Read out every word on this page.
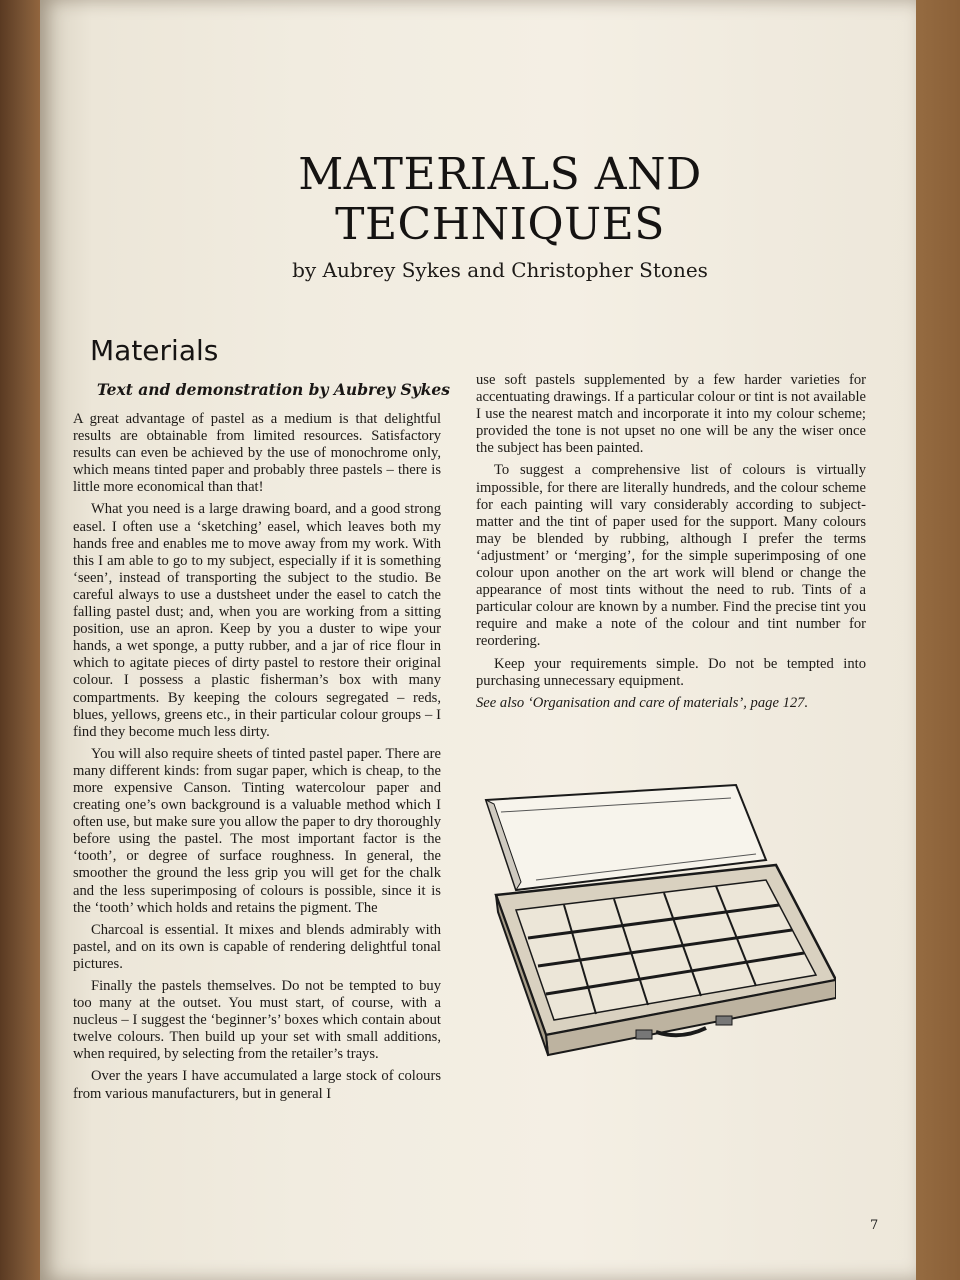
MATERIALS AND
TECHNIQUES
by Aubrey Sykes and Christopher Stones
Materials
Text and demonstration by Aubrey Sykes

A great advantage of pastel as a medium is that delightful results are obtainable from limited resources. Satisfactory results can even be achieved by the use of monochrome only, which means tinted paper and probably three pastels – there is little more economical than that!

What you need is a large drawing board, and a good strong easel. I often use a ‘sketching’ easel, which leaves both my hands free and enables me to move away from my work. With this I am able to go to my subject, especially if it is something ‘seen’, instead of transporting the subject to the studio. Be careful always to use a dustsheet under the easel to catch the falling pastel dust; and, when you are working from a sitting position, use an apron. Keep by you a duster to wipe your hands, a wet sponge, a putty rubber, and a jar of rice flour in which to agitate pieces of dirty pastel to restore their original colour. I possess a plastic fisherman’s box with many compartments. By keeping the colours segregated – reds, blues, yellows, greens etc., in their particular colour groups – I find they become much less dirty.

You will also require sheets of tinted pastel paper. There are many different kinds: from sugar paper, which is cheap, to the more expensive Canson. Tinting watercolour paper and creating one’s own background is a valuable method which I often use, but make sure you allow the paper to dry thoroughly before using the pastel. The most important factor is the ‘tooth’, or degree of surface roughness. In general, the smoother the ground the less grip you will get for the chalk and the less superimposing of colours is possible, since it is the ‘tooth’ which holds and retains the pigment. The

Charcoal is essential. It mixes and blends admirably with pastel, and on its own is capable of rendering delightful tonal pictures.

Finally the pastels themselves. Do not be tempted to buy too many at the outset. You must start, of course, with a nucleus – I suggest the ‘beginner’s’ boxes which contain about twelve colours. Then build up your set with small additions, when required, by selecting from the retailer’s trays.

Over the years I have accumulated a large stock of colours from various manufacturers, but in general I

use soft pastels supplemented by a few harder varieties for accentuating drawings. If a particular colour or tint is not available I use the nearest match and incorporate it into my colour scheme; provided the tone is not upset no one will be any the wiser once the subject has been painted.

To suggest a comprehensive list of colours is virtually impossible, for there are literally hundreds, and the colour scheme for each painting will vary considerably according to subject-matter and the tint of paper used for the support. Many colours may be blended by rubbing, although I prefer the terms ‘adjustment’ or ‘merging’, for the simple superimposing of one colour upon another on the art work will blend or change the appearance of most tints without the need to rub. Tints of a particular colour are known by a number. Find the precise tint you require and make a note of the colour and tint number for reordering.

Keep your requirements simple. Do not be tempted into purchasing unnecessary equipment.

See also ‘Organisation and care of materials’, page 127.

7
